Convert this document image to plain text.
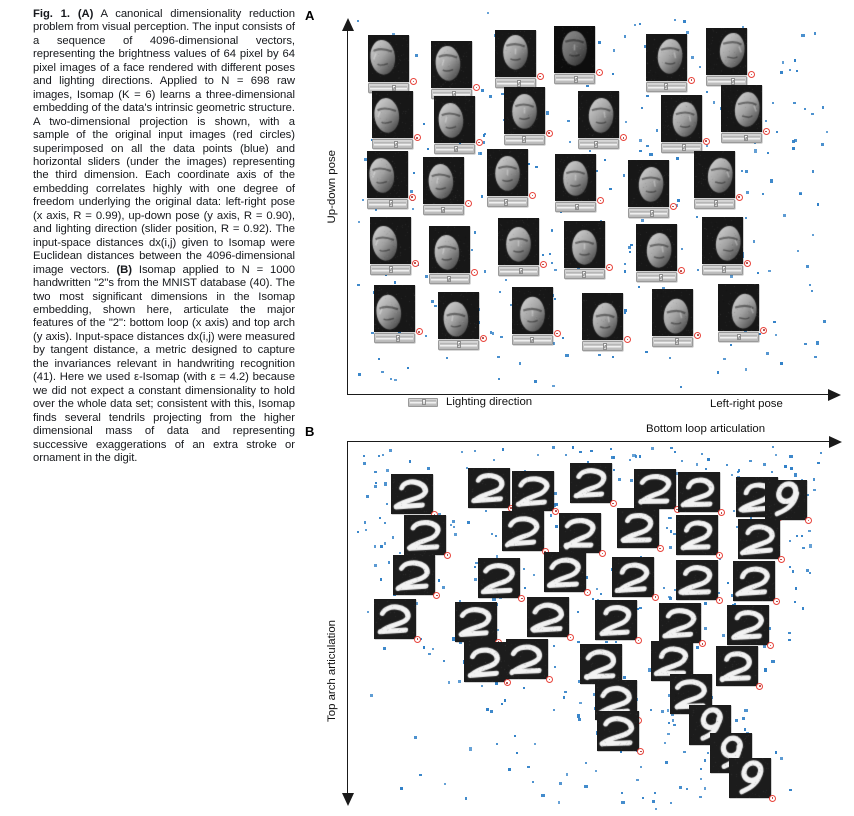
Fig. 1. (A) A canonical dimensionality reduction problem from visual perception. The input consists of a sequence of 4096-dimensional vectors, representing the brightness values of 64 pixel by 64 pixel images of a face rendered with different poses and lighting directions. Applied to N = 698 raw images, Isomap (K = 6) learns a three-dimensional embedding of the data's intrinsic geometric structure. A two-dimensional projection is shown, with a sample of the original input images (red circles) superimposed on all the data points (blue) and horizontal sliders (under the images) representing the third dimension. Each coordinate axis of the embedding correlates highly with one degree of freedom underlying the original data: left-right pose (x axis, R = 0.99), up-down pose (y axis, R = 0.90), and lighting direction (slider position, R = 0.92). The input-space distances dx(i,j) given to Isomap were Euclidean distances between the 4096-dimensional image vectors. (B) Isomap applied to N = 1000 handwritten "2"s from the MNIST database (40). The two most significant dimensions in the Isomap embedding, shown here, articulate the major features of the "2": bottom loop (x axis) and top arch (y axis). Input-space distances dx(i,j) were measured by tangent distance, a metric designed to capture the invariances relevant in handwriting recognition (41). Here we used ε-Isomap (with ε = 4.2) because we did not expect a constant dimensionality to hold over the whole data set; consistent with this, Isomap finds several tendrils projecting from the higher dimensional mass of data and representing successive exaggerations of an extra stroke or ornament in the digit.
A
Up-down pose
Left-right pose
Lighting direction
B	Bottom loop articulation
Top arch articulation
